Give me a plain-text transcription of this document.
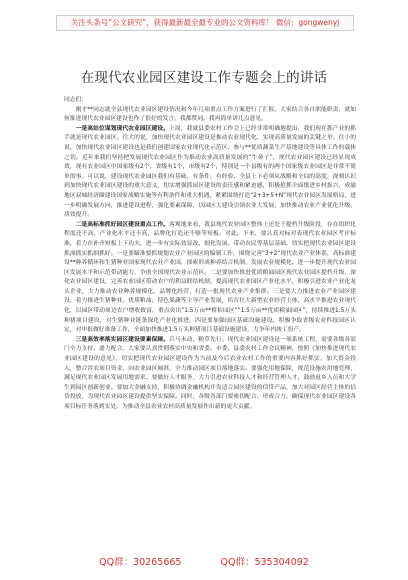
关注头条号“公文研究”，获得最新最全最专业的公文资料库！ 微信：gongwenyj
在现代农业园区建设工作专题会上的讲话
同志们：

刚才**同志就全县现代农业园区建设情况和今年几项重点工作方案进行了汇报，大家结合各自职能职责，就如何推进现代农业园区建设也作了很好的发言，我都赞同。我再简单讲几点意见。

一是高站位谋划现代农业园区建设。上周，我就县委农村工作会上已经非常明确地提出，我们现在抓产业的抓手就是现代农业园区。往大的说，加快现代农业园区建设是推动农业现代化、实现高质量发展的关键之举；往小的说，加快现代农业园区建设也是我们创建国家农业现代化示范区、参与**优质蔬菜生产基地建设等具体工作的载体之钥。近年来我们坚持把发展现代农业园区作为推动农业高质量发展的“牛鼻子”，现代农业园区建设已经显现成效，现有农业园区中国家级有2个，省级有1个，市级有2个，特别是一个县级有的两个国家级农业园区是非常不简单的事。可以说，建设现代农业园区我们有基础，有条件，有经验，全县上下必须从战略和全局的高度，深刻认识到加快现代农业园区建设的重大意义，切实增强抓园区建设的责任感和紧迫感，积极抢抓全面推进乡村振兴、成渝地区双城经济圈建设国家战略实施等有利条件和重大机遇，紧紧围绕打造“2+3+5+N”现代农业园区发展格局，进一步明确发展方向，推进建设进程，强化要素保障，以园区大建设引领农业大发展，加快推动农业产业优化升级、质效提升。

二是高标准抓好园区建设重点工作。客观地来看，我县现代农业园区整体上还处于提档升级阶段，存在组织化程度还不高，产业化水平还不高，品牌化打造还不够等短板，对此，下来，要认真对标对表现代农业园区考评标准，着力在补齐短板上下功夫，进一步有实际效显改、细化发展、带动农民等基层基础，切实把现代农业园区建设抓深抓实抓细抓好。一是要瞄准要抓规划农业产业园区的编制工作，围绕完善“3+2”现代农业产业体系，高标准建设**种养循环和生猪种业国家现代农业产业园，探索形成种养结合机制，发展农业规模化、进一步提升现代农业园区发展水平和示范带动能力，争创全国现代农业示范区。二是要加快推进优质粮油园区现代农业园区提档升级，深化农业园区建设，完善农业园区带动农户的利益联结机制，提高现代农业园区产业化水平，积极引进农业产业化龙头企业，大力推动农业种养规模化、品牌化经营，打造一批现代农业产业集群。三是要大力推进农业产业园区建设，着力推进生猪种业、优质粮油、特色果蔬等主导产业发展，培育壮大新型农业经营主体，高水平推进农业现代化，以园区带动周边农户增收致富，重点突出“1.5万亩**柑桔园区”“1.5万亩**优质粮油园区”，持续推进1.5万头种猪项目建设，对生猪种业链条深化产业化推进。四是要加强园区基础设施建设，积极争取省级农业科技园区认定，对申报做好准备工作，全面加快推进1.5万头种猪项目基础设施建设，力争年内竣工投产。

三是高效率落实园区建设要素保障。兵马未动，粮草先行。现代农业园区建设是一项系统工程，需要各级各部门全力支持、通力配合，大家要认真贯彻落实中央和省委、市委、县委农村工作会议精神，按照《加快推进现代农业园区建设的意见》，切实把现代农业园区建设作为当前及今后农业农村工作的重要内容抓好抓实，加大资金投入，整合涉农项目资金，向农业园区倾斜，全力推动园区项目落地落实。要强化用地保障，规范设施农用地管理，满足现代农业园区发展用地需求。要做好人才服务，大力引进农业科技人才和经营管理人才，鼓励返乡人员和大学生到园区创新创业。要加大金融支持，积极协调金融机构开发适合园区建设的信贷产品，加大对园区经营主体的信贷投放，为现代农业园区建设提供坚实保障。同时，各级各部门要密切配合、形成合力，确保现代农业园区建设各项目标任务落到实处，为推动全县农业农村高质量发展作出新的更大贡献。

QQ群：30265665	QQ群：535304092
